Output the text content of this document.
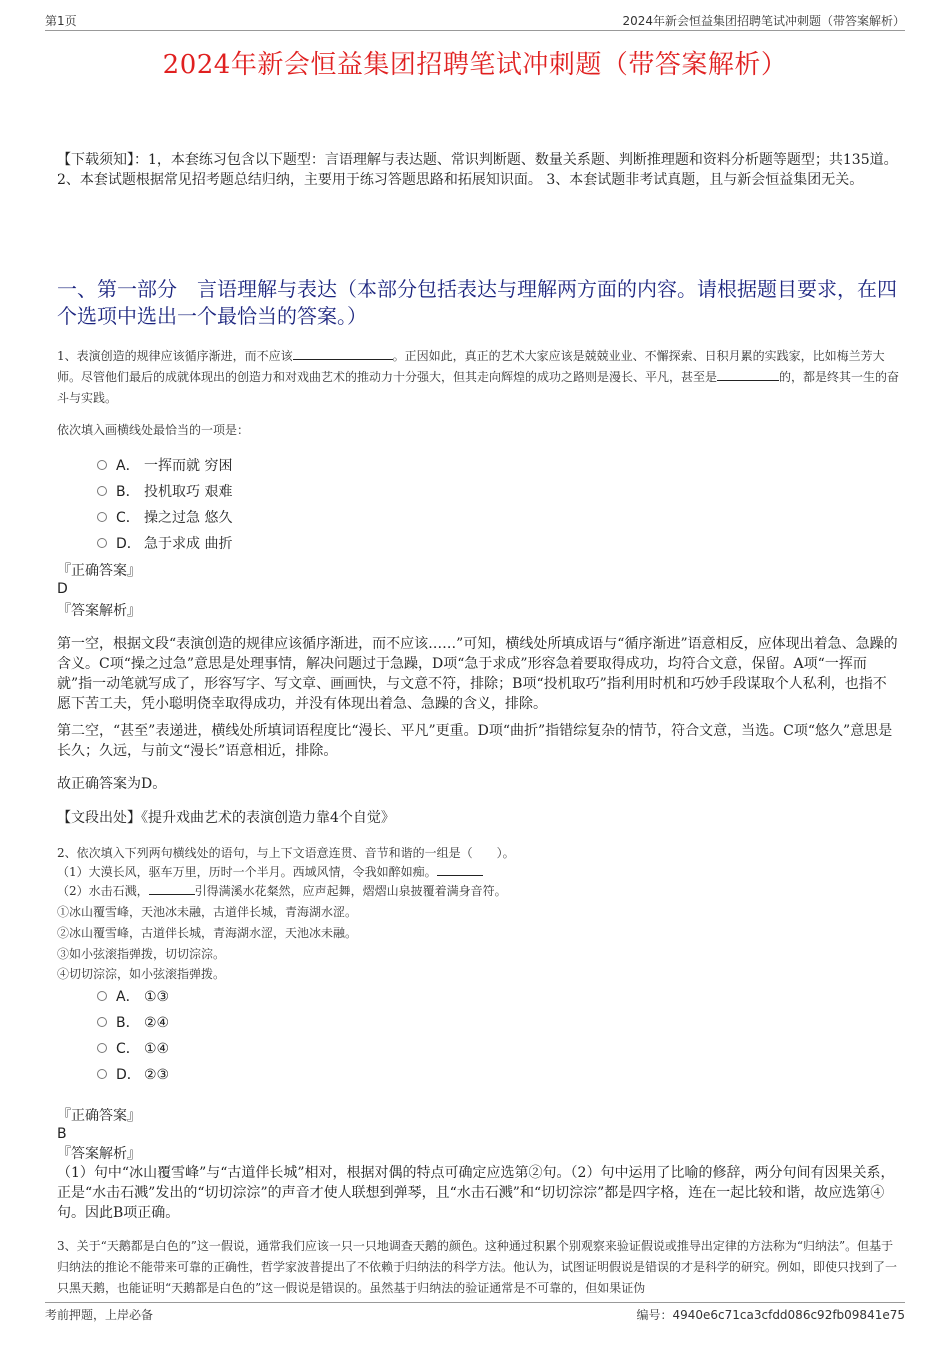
第1页	2024年新会恒益集团招聘笔试冲刺题（带答案解析）
2024年新会恒益集团招聘笔试冲刺题（带答案解析）
【下载须知】：1，本套练习包含以下题型：言语理解与表达题、常识判断题、数量关系题、判断推理题和资料分析题等题型；共135道。 2、本套试题根据常见招考题总结归纳，主要用于练习答题思路和拓展知识面。 3、本套试题非考试真题，且与新会恒益集团无关。
一、第一部分　言语理解与表达（本部分包括表达与理解两方面的内容。请根据题目要求，在四个选项中选出一个最恰当的答案。）
1、表演创造的规律应该循序渐进，而不应该	。正因如此，真正的艺术大家应该是兢兢业业、不懈探索、日积月累的实践家，比如梅兰芳大师。尽管他们最后的成就体现出的创造力和对戏曲艺术的推动力十分强大，但其走向辉煌的成功之路则是漫长、平凡，甚至是	的，都是终其一生的奋斗与实践。
依次填入画横线处最恰当的一项是：
A． 一挥而就 穷困
B． 投机取巧 艰难
C． 操之过急 悠久
D． 急于求成 曲折
『正确答案』
D
『答案解析』
第一空，根据文段“表演创造的规律应该循序渐进，而不应该……”可知，横线处所填成语与“循序渐进”语意相反，应体现出着急、急躁的含义。C项“操之过急”意思是处理事情，解决问题过于急躁，D项“急于求成”形容急着要取得成功，均符合文意，保留。A项“一挥而就”指一动笔就写成了，形容写字、写文章、画画快，与文意不符，排除；B项“投机取巧”指利用时机和巧妙手段谋取个人私利，也指不愿下苦工夫，凭小聪明侥幸取得成功，并没有体现出着急、急躁的含义，排除。
第二空，“甚至”表递进，横线处所填词语程度比“漫长、平凡”更重。D项“曲折”指错综复杂的情节，符合文意，当选。C项“悠久”意思是长久；久远，与前文“漫长”语意相近，排除。
故正确答案为D。
【文段出处】《提升戏曲艺术的表演创造力靠4个自觉》
2、依次填入下列两句横线处的语句，与上下文语意连贯、音节和谐的一组是（　　）。
（1）大漠长风，驱车万里，历时一个半月。西域风情，令我如醉如痴。
（2）水击石溅，	引得满溪水花粲然，应声起舞，熠熠山泉披覆着满身音符。
①冰山覆雪峰，天池冰未融，古道伴长城，青海湖水涩。
②冰山覆雪峰，古道伴长城，青海湖水涩，天池冰未融。
③如小弦滚指弹拨，切切淙淙。
④切切淙淙，如小弦滚指弹拨。
A． ①③
B． ②④
C． ①④
D． ②③
『正确答案』
B
『答案解析』
（1）句中“冰山覆雪峰”与“古道伴长城”相对，根据对偶的特点可确定应选第②句。（2）句中运用了比喻的修辞，两分句间有因果关系，正是“水击石溅”发出的“切切淙淙”的声音才使人联想到弹琴，且“水击石溅”和“切切淙淙”都是四字格，连在一起比较和谐，故应选第④句。因此B项正确。
3、关于“天鹅都是白色的”这一假说，通常我们应该一只一只地调查天鹅的颜色。这种通过积累个别观察来验证假说或推导出定律的方法称为“归纳法”。但基于归纳法的推论不能带来可靠的正确性，哲学家波普提出了不依赖于归纳法的科学方法。他认为，试图证明假说是错误的才是科学的研究。例如，即使只找到了一只黑天鹅，也能证明“天鹅都是白色的”这一假说是错误的。虽然基于归纳法的验证通常是不可靠的，但如果证伪
考前押题，上岸必备	编号：4940e6c71ca3cfdd086c92fb09841e75
